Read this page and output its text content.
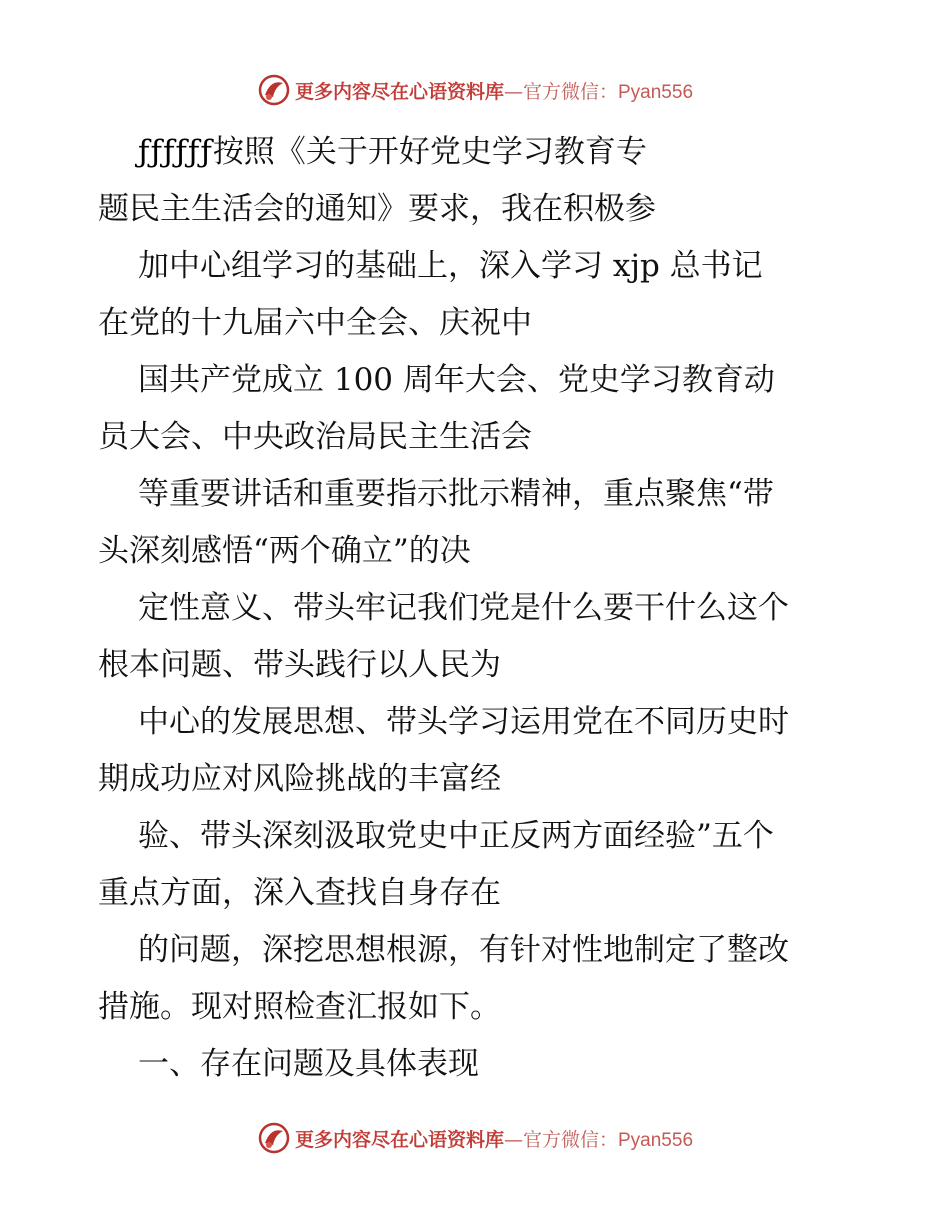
更多内容尽在心语资料库—官方微信：Pyan556

ƒƒƒƒƒƒ按照《关于开好党史学习教育专
题民主生活会的通知》要求，我在积极参

加中心组学习的基础上，深入学习 xjp 总书记
在党的十九届六中全会、庆祝中

国共产党成立 100 周年大会、党史学习教育动
员大会、中央政治局民主生活会

等重要讲话和重要指示批示精神，重点聚焦“带
头深刻感悟“两个确立”的决

定性意义、带头牢记我们党是什么要干什么这个
根本问题、带头践行以人民为

中心的发展思想、带头学习运用党在不同历史时
期成功应对风险挑战的丰富经

验、带头深刻汲取党史中正反两方面经验”五个
重点方面，深入查找自身存在

的问题，深挖思想根源，有针对性地制定了整改
措施。现对照检查汇报如下。

一、存在问题及具体表现

更多内容尽在心语资料库—官方微信：Pyan556
